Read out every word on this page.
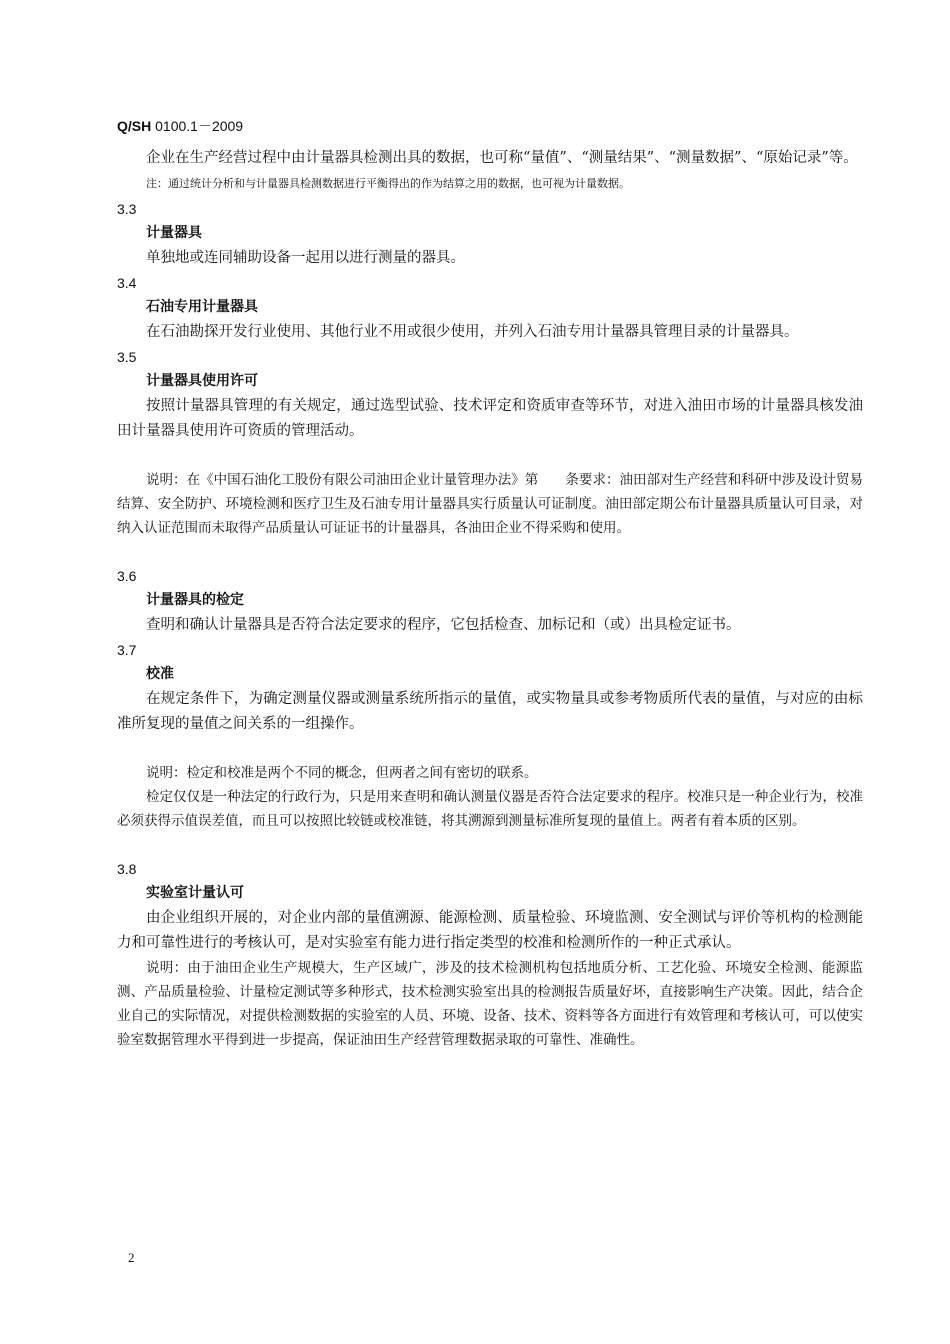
Q/SH 0100.1－2009

企业在生产经营过程中由计量器具检测出具的数据，也可称“量值”、“测量结果”、“测量数据”、“原始记录”等。

注：通过统计分析和与计量器具检测数据进行平衡得出的作为结算之用的数据，也可视为计量数据。

3.3

计量器具

单独地或连同辅助设备一起用以进行测量的器具。

3.4

石油专用计量器具

在石油勘探开发行业使用、其他行业不用或很少使用，并列入石油专用计量器具管理目录的计量器具。

3.5

计量器具使用许可

按照计量器具管理的有关规定，通过选型试验、技术评定和资质审查等环节，对进入油田市场的计量器具核发油田计量器具使用许可资质的管理活动。

说明：在《中国石油化工股份有限公司油田企业计量管理办法》第　　条要求：油田部对生产经营和科研中涉及设计贸易结算、安全防护、环境检测和医疗卫生及石油专用计量器具实行质量认可证制度。油田部定期公布计量器具质量认可目录，对纳入认证范围而未取得产品质量认可证证书的计量器具，各油田企业不得采购和使用。

3.6

计量器具的检定

查明和确认计量器具是否符合法定要求的程序，它包括检查、加标记和（或）出具检定证书。

3.7

校准

在规定条件下，为确定测量仪器或测量系统所指示的量值，或实物量具或参考物质所代表的量值，与对应的由标准所复现的量值之间关系的一组操作。

说明：检定和校准是两个不同的概念，但两者之间有密切的联系。

检定仅仅是一种法定的行政行为，只是用来查明和确认测量仪器是否符合法定要求的程序。校准只是一种企业行为，校准必须获得示值误差值，而且可以按照比较链或校准链，将其溯源到测量标准所复现的量值上。两者有着本质的区别。

3.8

实验室计量认可

由企业组织开展的，对企业内部的量值溯源、能源检测、质量检验、环境监测、安全测试与评价等机构的检测能力和可靠性进行的考核认可，是对实验室有能力进行指定类型的校准和检测所作的一种正式承认。

说明：由于油田企业生产规模大，生产区域广，涉及的技术检测机构包括地质分析、工艺化验、环境安全检测、能源监测、产品质量检验、计量检定测试等多种形式，技术检测实验室出具的检测报告质量好坏，直接影响生产决策。因此，结合企业自己的实际情况，对提供检测数据的实验室的人员、环境、设备、技术、资料等各方面进行有效管理和考核认可，可以使实验室数据管理水平得到进一步提高，保证油田生产经营管理数据录取的可靠性、准确性。

2
